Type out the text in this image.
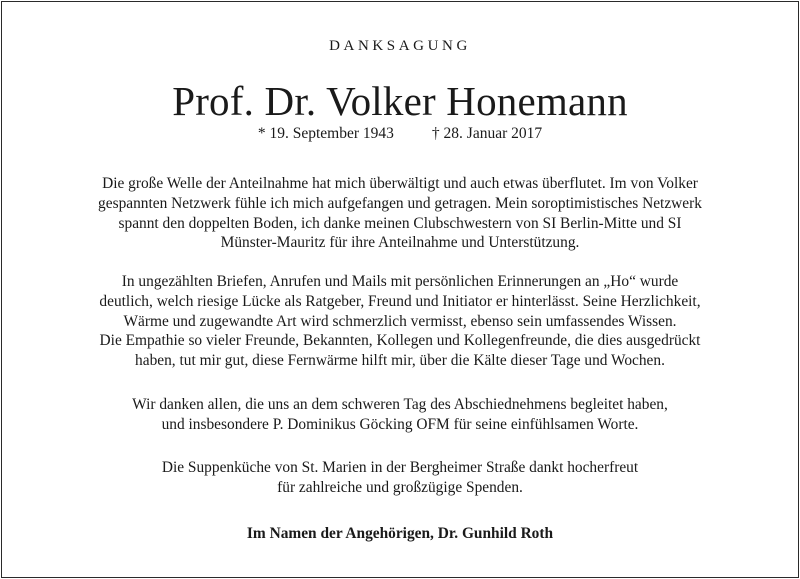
DANKSAGUNG
Prof. Dr. Volker Honemann
* 19. September 1943 † 28. Januar 2017

Die große Welle der Anteilnahme hat mich überwältigt und auch etwas überflutet. Im von Volker
gespannten Netzwerk fühle ich mich aufgefangen und getragen. Mein soroptimistisches Netzwerk
spannt den doppelten Boden, ich danke meinen Clubschwestern von SI Berlin-Mitte und SI
Münster-Mauritz für ihre Anteilnahme und Unterstützung.

In ungezählten Briefen, Anrufen und Mails mit persönlichen Erinnerungen an „Ho“ wurde
deutlich, welch riesige Lücke als Ratgeber, Freund und Initiator er hinterlässt. Seine Herzlichkeit,
Wärme und zugewandte Art wird schmerzlich vermisst, ebenso sein umfassendes Wissen.
Die Empathie so vieler Freunde, Bekannten, Kollegen und Kollegenfreunde, die dies ausgedrückt
haben, tut mir gut, diese Fernwärme hilft mir, über die Kälte dieser Tage und Wochen.

Wir danken allen, die uns an dem schweren Tag des Abschiednehmens begleitet haben,
und insbesondere P. Dominikus Göcking OFM für seine einfühlsamen Worte.

Die Suppenküche von St. Marien in der Bergheimer Straße dankt hocherfreut
für zahlreiche und großzügige Spenden.

Im Namen der Angehörigen, Dr. Gunhild Roth
